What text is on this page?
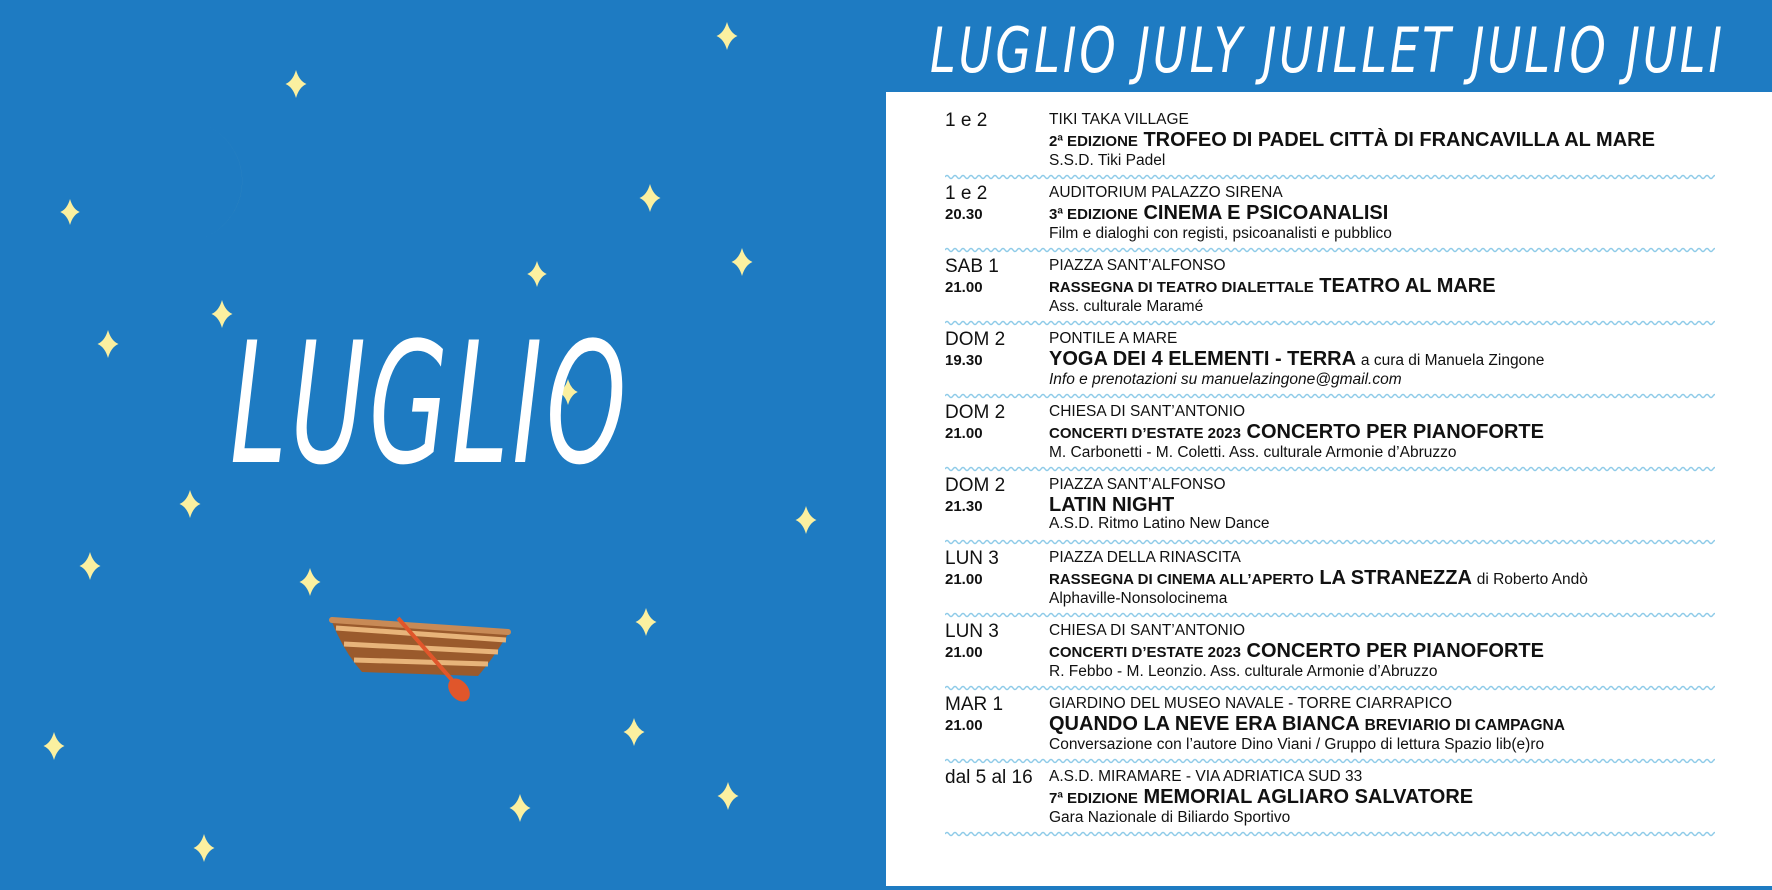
LUGLIO
LUGLIO JULY JUILLET JULIO JULI
1 e 2	TIKI TAKA VILLAGE
2ª EDIZIONE TROFEO DI PADEL CITTÀ DI FRANCAVILLA AL MARE
S.S.D. Tiki Padel
1 e 2
20.30
AUDITORIUM PALAZZO SIRENA
3ª EDIZIONE CINEMA E PSICOANALISI
Film e dialoghi con registi, psicoanalisti e pubblico
SAB 1
21.00
PIAZZA SANT’ALFONSO
RASSEGNA DI TEATRO DIALETTALE TEATRO AL MARE
Ass. culturale Maramé
DOM 2
19.30
PONTILE A MARE
YOGA DEI 4 ELEMENTI - TERRA a cura di Manuela Zingone
Info e prenotazioni su manuelazingone@gmail.com
DOM 2
21.00
CHIESA DI SANT’ANTONIO
CONCERTI D’ESTATE 2023 CONCERTO PER PIANOFORTE
M. Carbonetti - M. Coletti. Ass. culturale Armonie d’Abruzzo
DOM 2
21.30
PIAZZA SANT’ALFONSO
LATIN NIGHT
A.S.D. Ritmo Latino New Dance
LUN 3
21.00
PIAZZA DELLA RINASCITA
RASSEGNA DI CINEMA ALL’APERTO LA STRANEZZA di Roberto Andò
Alphaville-Nonsolocinema
LUN 3
21.00
CHIESA DI SANT’ANTONIO
CONCERTI D’ESTATE 2023 CONCERTO PER PIANOFORTE
R. Febbo - M. Leonzio. Ass. culturale Armonie d’Abruzzo
MAR 1
21.00
GIARDINO DEL MUSEO NAVALE - TORRE CIARRAPICO
QUANDO LA NEVE ERA BIANCA BREVIARIO DI CAMPAGNA
Conversazione con l’autore Dino Viani / Gruppo di lettura Spazio lib(e)ro
dal 5 al 16	A.S.D. MIRAMARE - VIA ADRIATICA SUD 33
7ª EDIZIONE MEMORIAL AGLIARO SALVATORE
Gara Nazionale di Biliardo Sportivo
